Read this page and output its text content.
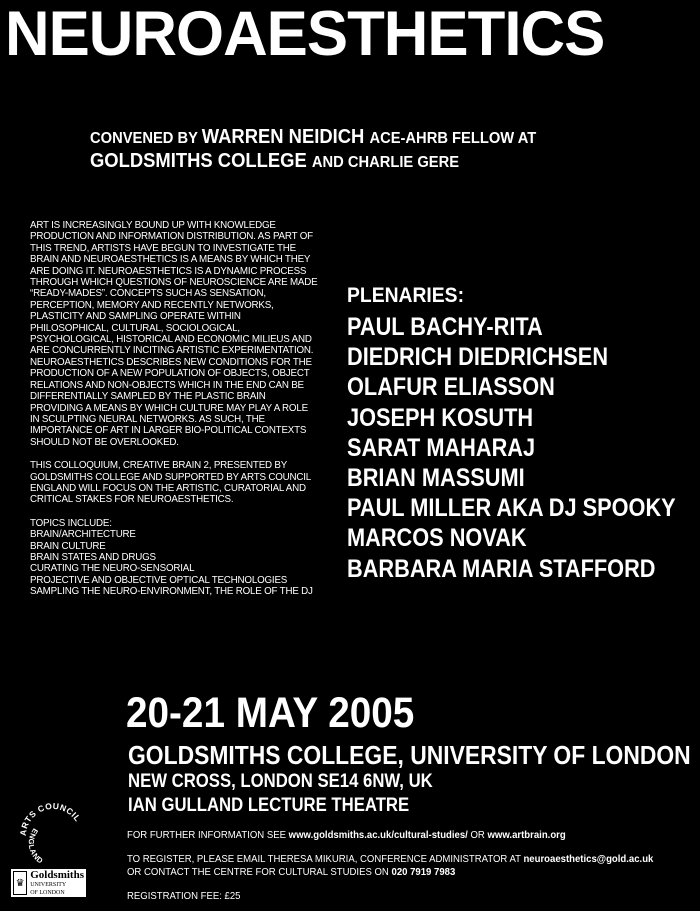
NEUROAESTHETICS
CONVENED BY WARREN NEIDICH ACE-AHRB FELLOW AT
GOLDSMITHS COLLEGE AND CHARLIE GERE

ART IS INCREASINGLY BOUND UP WITH KNOWLEDGE PRODUCTION AND INFORMATION DISTRIBUTION. AS PART OF THIS TREND, ARTISTS HAVE BEGUN TO INVESTIGATE THE BRAIN AND NEUROAESTHETICS IS A MEANS BY WHICH THEY ARE DOING IT. NEUROAESTHETICS IS A DYNAMIC PROCESS THROUGH WHICH QUESTIONS OF NEUROSCIENCE ARE MADE “READY-MADES”. CONCEPTS SUCH AS SENSATION, PERCEPTION, MEMORY AND RECENTLY NETWORKS, PLASTICITY AND SAMPLING OPERATE WITHIN PHILOSOPHICAL, CULTURAL, SOCIOLOGICAL, PSYCHOLOGICAL, HISTORICAL AND ECONOMIC MILIEUS AND ARE CONCURRENTLY INCITING ARTISTIC EXPERIMENTATION. NEUROAESTHETICS DESCRIBES NEW CONDITIONS FOR THE PRODUCTION OF A NEW POPULATION OF OBJECTS, OBJECT RELATIONS AND NON-OBJECTS WHICH IN THE END CAN BE DIFFERENTIALLY SAMPLED BY THE PLASTIC BRAIN PROVIDING A MEANS BY WHICH CULTURE MAY PLAY A ROLE IN SCULPTING NEURAL NETWORKS. AS SUCH, THE IMPORTANCE OF ART IN LARGER BIO-POLITICAL CONTEXTS SHOULD NOT BE OVERLOOKED.

THIS COLLOQUIUM, CREATIVE BRAIN 2, PRESENTED BY GOLDSMITHS COLLEGE AND SUPPORTED BY ARTS COUNCIL ENGLAND WILL FOCUS ON THE ARTISTIC, CURATORIAL AND CRITICAL STAKES FOR NEUROAESTHETICS.

TOPICS INCLUDE:
BRAIN/ARCHITECTURE
BRAIN CULTURE
BRAIN STATES AND DRUGS
CURATING THE NEURO-SENSORIAL
PROJECTIVE AND OBJECTIVE OPTICAL TECHNOLOGIES
SAMPLING THE NEURO-ENVIRONMENT, THE ROLE OF THE DJ
PLENARIES:
PAUL BACHY-RITA
DIEDRICH DIEDRICHSEN
OLAFUR ELIASSON
JOSEPH KOSUTH
SARAT MAHARAJ
BRIAN MASSUMI
PAUL MILLER AKA DJ SPOOKY
MARCOS NOVAK
BARBARA MARIA STAFFORD
20-21 MAY 2005
GOLDSMITHS COLLEGE, UNIVERSITY OF LONDON
NEW CROSS, LONDON SE14 6NW, UK
IAN GULLAND LECTURE THEATRE
FOR FURTHER INFORMATION SEE www.goldsmiths.ac.uk/cultural-studies/ OR www.artbrain.org
TO REGISTER, PLEASE EMAIL THERESA MIKURIA, CONFERENCE ADMINISTRATOR AT neuroaesthetics@gold.ac.uk
OR CONTACT THE CENTRE FOR CULTURAL STUDIES ON 020 7919 7983
REGISTRATION FEE: £25
ARTS COUNCIL
ENGLAND
♛
Goldsmiths
UNIVERSITY
OF LONDON
